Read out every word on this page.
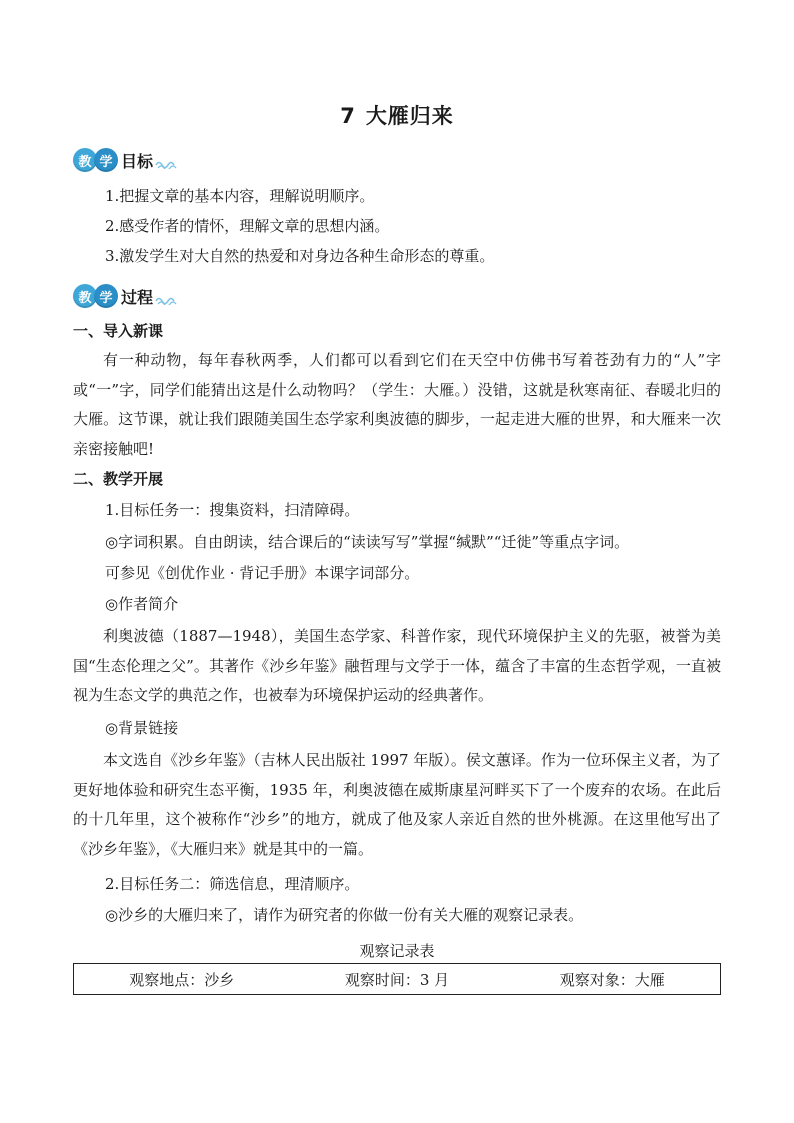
7 大雁归来
教 学 目标
1.把握文章的基本内容，理解说明顺序。
2.感受作者的情怀，理解文章的思想内涵。
3.激发学生对大自然的热爱和对身边各种生命形态的尊重。
教 学 过程
一、导入新课
有一种动物，每年春秋两季，人们都可以看到它们在天空中仿佛书写着苍劲有力的“人”字或“一”字，同学们能猜出这是什么动物吗？（学生：大雁。）没错，这就是秋寒南征、春暖北归的大雁。这节课，就让我们跟随美国生态学家利奥波德的脚步，一起走进大雁的世界，和大雁来一次亲密接触吧!
二、教学开展
1.目标任务一：搜集资料，扫清障碍。
◎字词积累。自由朗读，结合课后的“读读写写”掌握“缄默”“迁徙”等重点字词。
可参见《创优作业 · 背记手册》本课字词部分。
◎作者简介
利奥波德（1887—1948），美国生态学家、科普作家，现代环境保护主义的先驱，被誉为美国“生态伦理之父”。其著作《沙乡年鉴》融哲理与文学于一体，蕴含了丰富的生态哲学观，一直被视为生态文学的典范之作，也被奉为环境保护运动的经典著作。
◎背景链接
本文选自《沙乡年鉴》（吉林人民出版社 1997 年版）。侯文蕙译。作为一位环保主义者，为了更好地体验和研究生态平衡，1935 年，利奥波德在威斯康星河畔买下了一个废弃的农场。在此后的十几年里，这个被称作“沙乡”的地方，就成了他及家人亲近自然的世外桃源。在这里他写出了《沙乡年鉴》，《大雁归来》就是其中的一篇。
2.目标任务二：筛选信息，理清顺序。
◎沙乡的大雁归来了，请作为研究者的你做一份有关大雁的观察记录表。
观察记录表
观察地点：沙乡	观察时间：3 月	观察对象：大雁
